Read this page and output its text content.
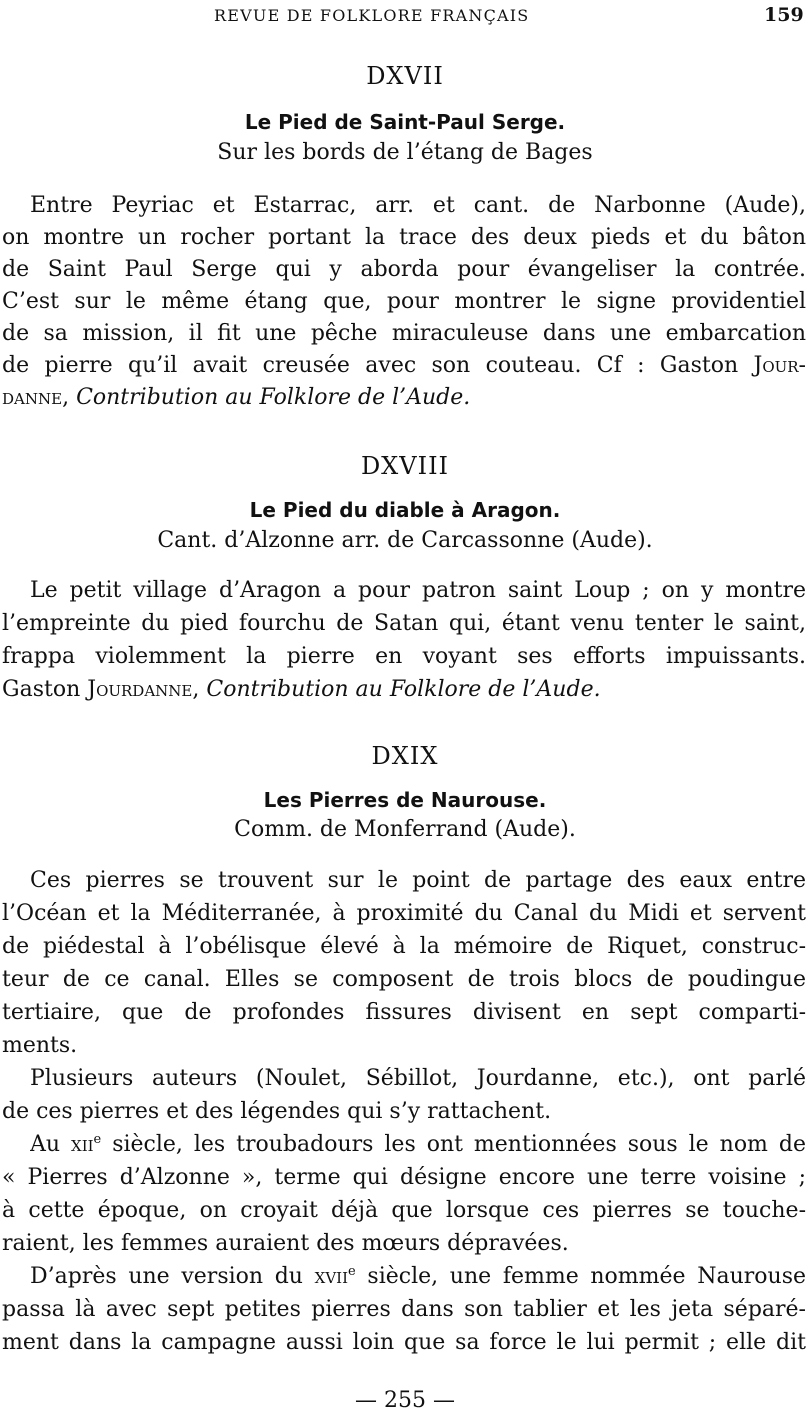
REVUE DE FOLKLORE FRANÇAIS	159
DXVII
Le Pied de Saint-Paul Serge.
Sur les bords de l’étang de Bages
Entre Peyriac et Estarrac, arr. et cant. de Narbonne (Aude),
on montre un rocher portant la trace des deux pieds et du bâton
de Saint Paul Serge qui y aborda pour évangeliser la contrée.
C’est sur le même étang que, pour montrer le signe providentiel
de sa mission, il fit une pêche miraculeuse dans une embarcation
de pierre qu’il avait creusée avec son couteau. Cf : Gaston Jour-
danne, Contribution au Folklore de l’Aude.
DXVIII
Le Pied du diable à Aragon.
Cant. d’Alzonne arr. de Carcassonne (Aude).
Le petit village d’Aragon a pour patron saint Loup ; on y montre
l’empreinte du pied fourchu de Satan qui, étant venu tenter le saint,
frappa violemment la pierre en voyant ses efforts impuissants.
Gaston Jourdanne, Contribution au Folklore de l’Aude.
DXIX
Les Pierres de Naurouse.
Comm. de Monferrand (Aude).
Ces pierres se trouvent sur le point de partage des eaux entre
l’Océan et la Méditerranée, à proximité du Canal du Midi et servent
de piédestal à l’obélisque élevé à la mémoire de Riquet, construc-
teur de ce canal. Elles se composent de trois blocs de poudingue
tertiaire, que de profondes fissures divisent en sept comparti-
ments.
Plusieurs auteurs (Noulet, Sébillot, Jourdanne, etc.), ont parlé
de ces pierres et des légendes qui s’y rattachent.
Au xii$^e$ siècle, les troubadours les ont mentionnées sous le nom de
« Pierres d’Alzonne », terme qui désigne encore une terre voisine ;
à cette époque, on croyait déjà que lorsque ces pierres se touche-
raient, les femmes auraient des mœurs dépravées.
D’après une version du xvii$^e$ siècle, une femme nommée Naurouse
passa là avec sept petites pierres dans son tablier et les jeta séparé-
ment dans la campagne aussi loin que sa force le lui permit ; elle dit
— 255 —
